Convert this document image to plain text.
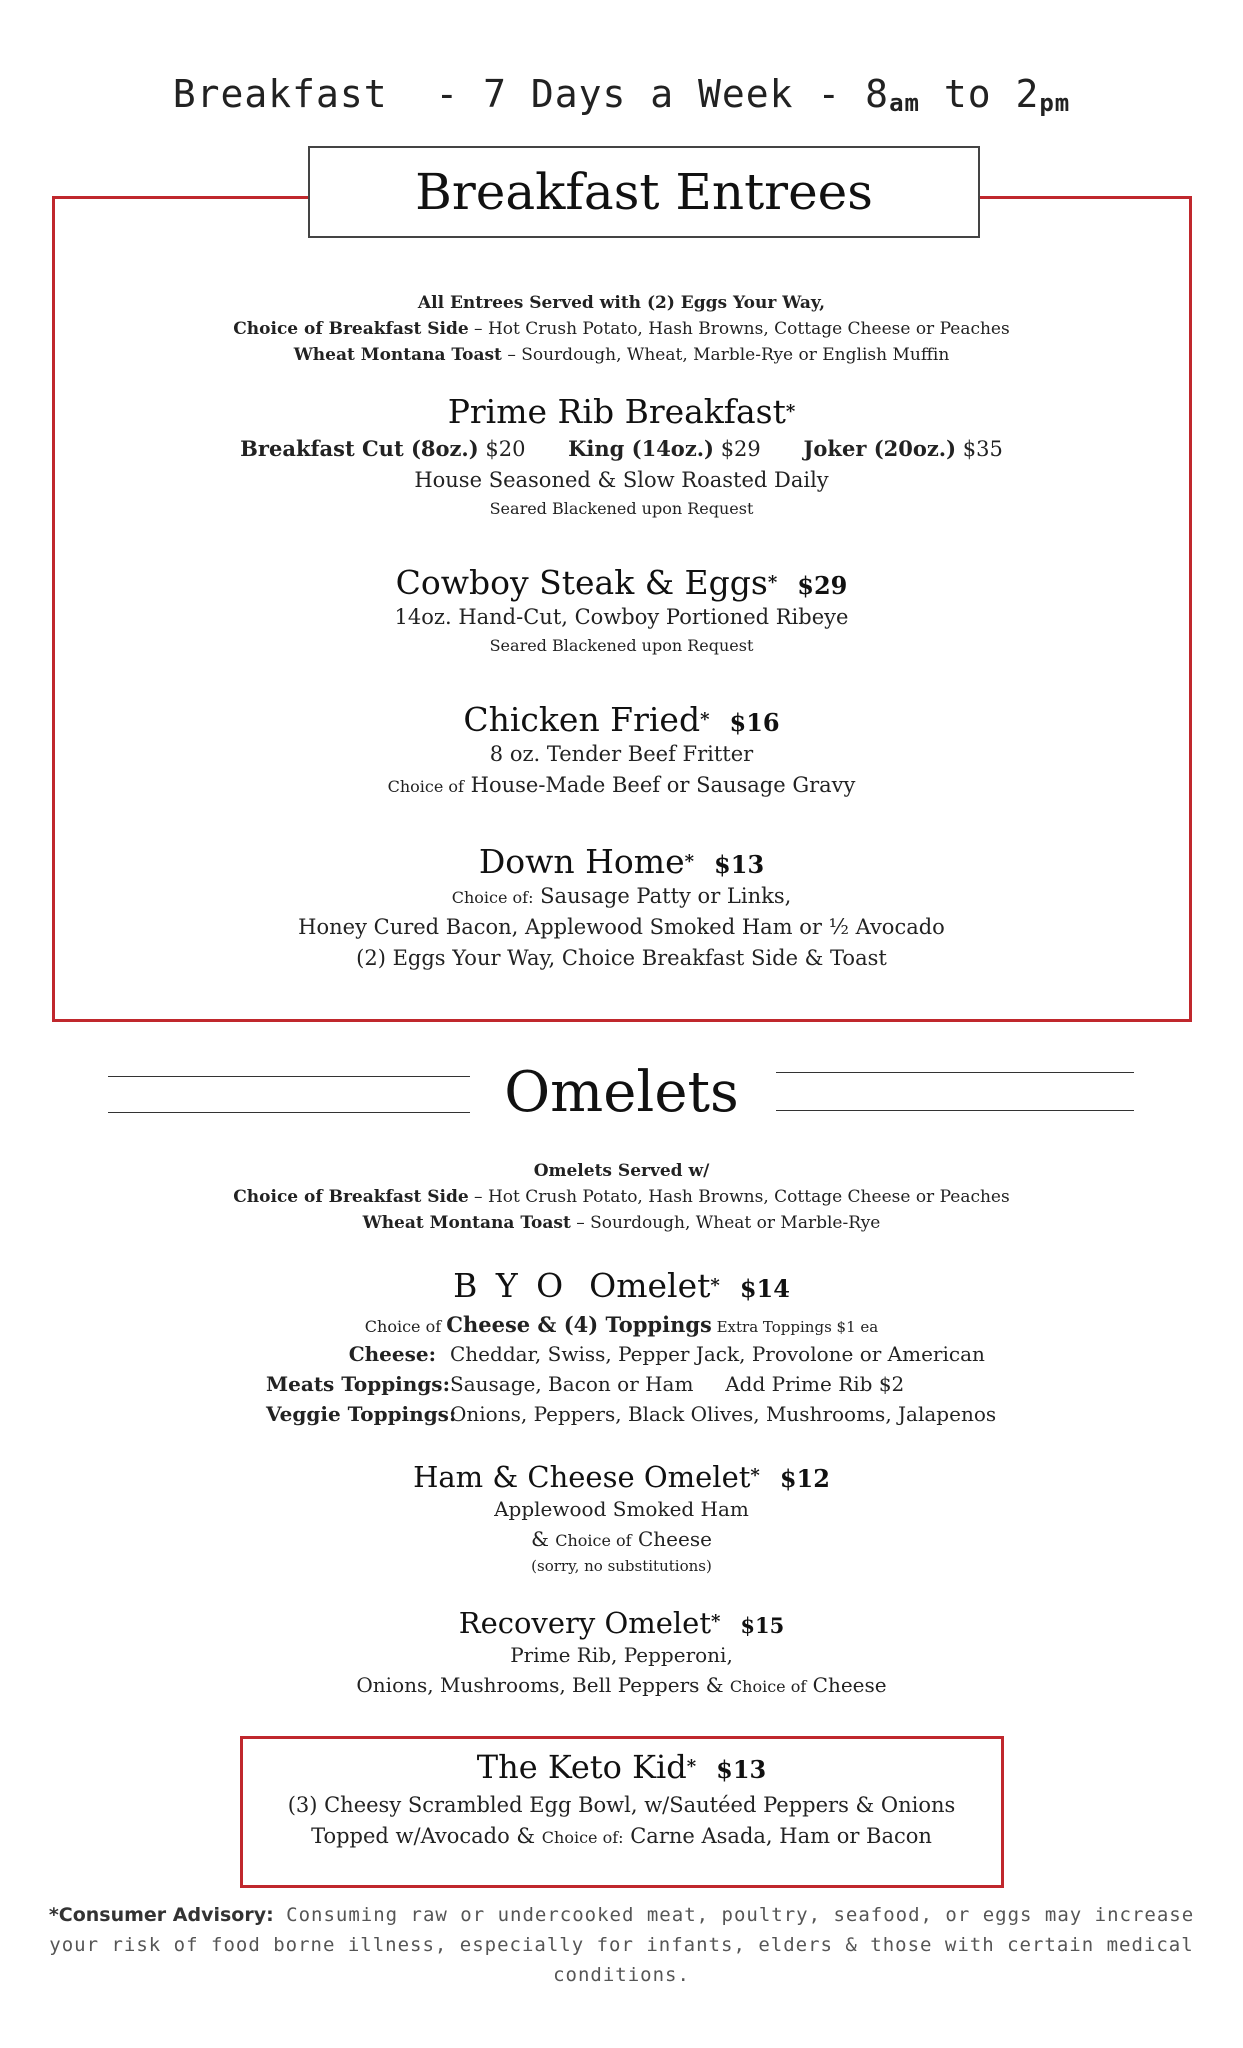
Breakfast  - 7 Days a Week - 8am to 2pm
Breakfast Entrees
All Entrees Served with (2) Eggs Your Way,
Choice of Breakfast Side – Hot Crush Potato, Hash Browns, Cottage Cheese or Peaches
Wheat Montana Toast – Sourdough, Wheat, Marble-Rye or English Muffin
Prime Rib Breakfast*
Breakfast Cut (8oz.) $20 King (14oz.) $29 Joker (20oz.) $35
House Seasoned & Slow Roasted Daily
Seared Blackened upon Request
Cowboy Steak & Eggs* $29
14oz. Hand-Cut, Cowboy Portioned Ribeye
Seared Blackened upon Request
Chicken Fried* $16
8 oz. Tender Beef Fritter
Choice of House-Made Beef or Sausage Gravy
Down Home* $13
Choice of: Sausage Patty or Links,
Honey Cured Bacon, Applewood Smoked Ham or ½ Avocado
(2) Eggs Your Way, Choice Breakfast Side & Toast
Omelets
Omelets Served w/
Choice of Breakfast Side – Hot Crush Potato, Hash Browns, Cottage Cheese or Peaches
Wheat Montana Toast – Sourdough, Wheat or Marble-Rye
B Y O Omelet* $14
Choice of Cheese & (4) Toppings Extra Toppings $1 ea
Cheese: Cheddar, Swiss, Pepper Jack, Provolone or American
Meats Toppings: Sausage, Bacon or Ham     Add Prime Rib $2
Veggie Toppings:
Onions, Peppers, Black Olives, Mushrooms, Jalapenos
Ham & Cheese Omelet* $12
Applewood Smoked Ham
& Choice of Cheese
(sorry, no substitutions)
Recovery Omelet* $15
Prime Rib, Pepperoni,
Onions, Mushrooms, Bell Peppers & Choice of Cheese
The Keto Kid* $13
(3) Cheesy Scrambled Egg Bowl, w/Sautéed Peppers & Onions
Topped w/Avocado & Choice of: Carne Asada, Ham or Bacon
*Consumer Advisory: Consuming raw or undercooked meat, poultry, seafood, or eggs may increase
your risk of food borne illness, especially for infants, elders & those with certain medical conditions.
